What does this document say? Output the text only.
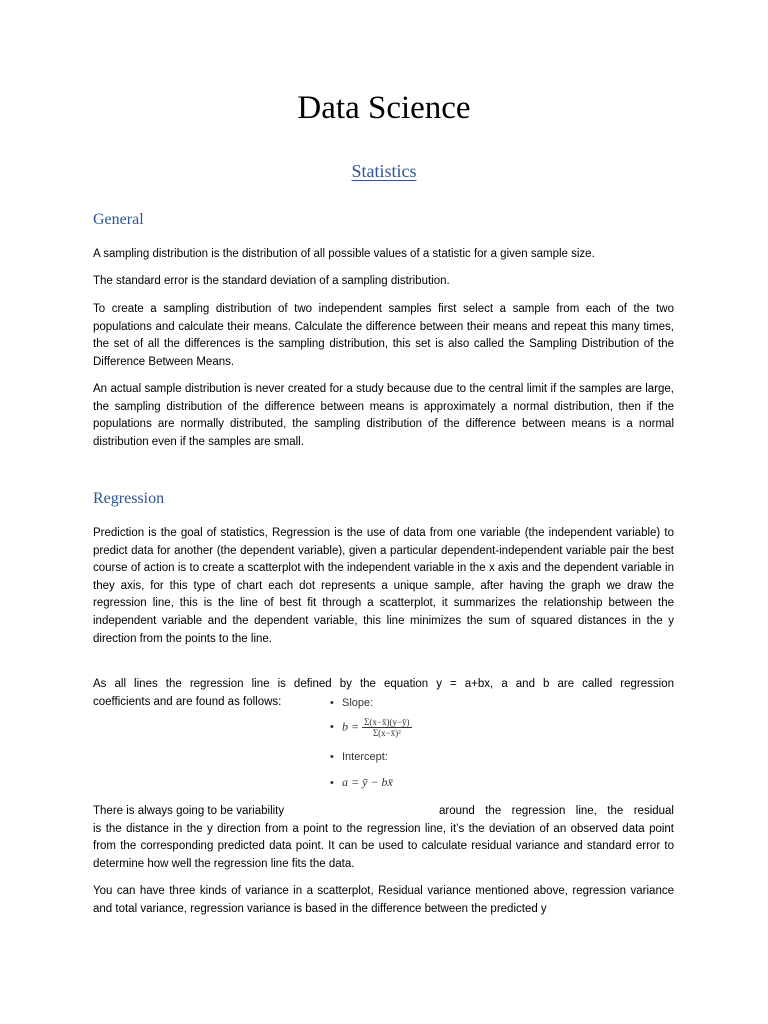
Data Science
Statistics
General

A sampling distribution is the distribution of all possible values of a statistic for a given sample size.

The standard error is the standard deviation of a sampling distribution.

To create a sampling distribution of two independent samples first select a sample from each of the two populations and calculate their means. Calculate the difference between their means and repeat this many times, the set of all the differences is the sampling distribution, this set is also called the Sampling Distribution of the Difference Between Means.

An actual sample distribution is never created for a study because due to the central limit if the samples are large, the sampling distribution of the difference between means is approximately a normal distribution, then if the populations are normally distributed, the sampling distribution of the difference between means is a normal distribution even if the samples are small.

Regression

Prediction is the goal of statistics, Regression is the use of data from one variable (the independent variable) to predict data for another (the dependent variable), given a particular dependent-independent variable pair the best course of action is to create a scatterplot with the independent variable in the x axis and the dependent variable in they axis, for this type of chart each dot represents a unique sample, after having the graph we draw the regression line, this is the line of best fit through a scatterplot, it summarizes the relationship between the independent variable and the dependent variable, this line minimizes the sum of squared distances in the y direction from the points to the line.

As all lines the regression line is defined by the equation y = a+bx, a and b are called regression
coefficients and are found as follows:	• Slope:
• $b = \frac{\Sigma(x-x̄)(y-ȳ)}{\text{Σ(x−x̄)²}}$
• Intercept:
• a = ȳ − bx̄
There is always going to be variability	around the regression line, the residual
is the distance in the y direction from a point to the regression line, it’s the deviation of an observed data point from the corresponding predicted data point. It can be used to calculate residual variance and standard error to determine how well the regression line fits the data.

You can have three kinds of variance in a scatterplot, Residual variance mentioned above, regression variance and total variance, regression variance is based in the difference between the predicted y
